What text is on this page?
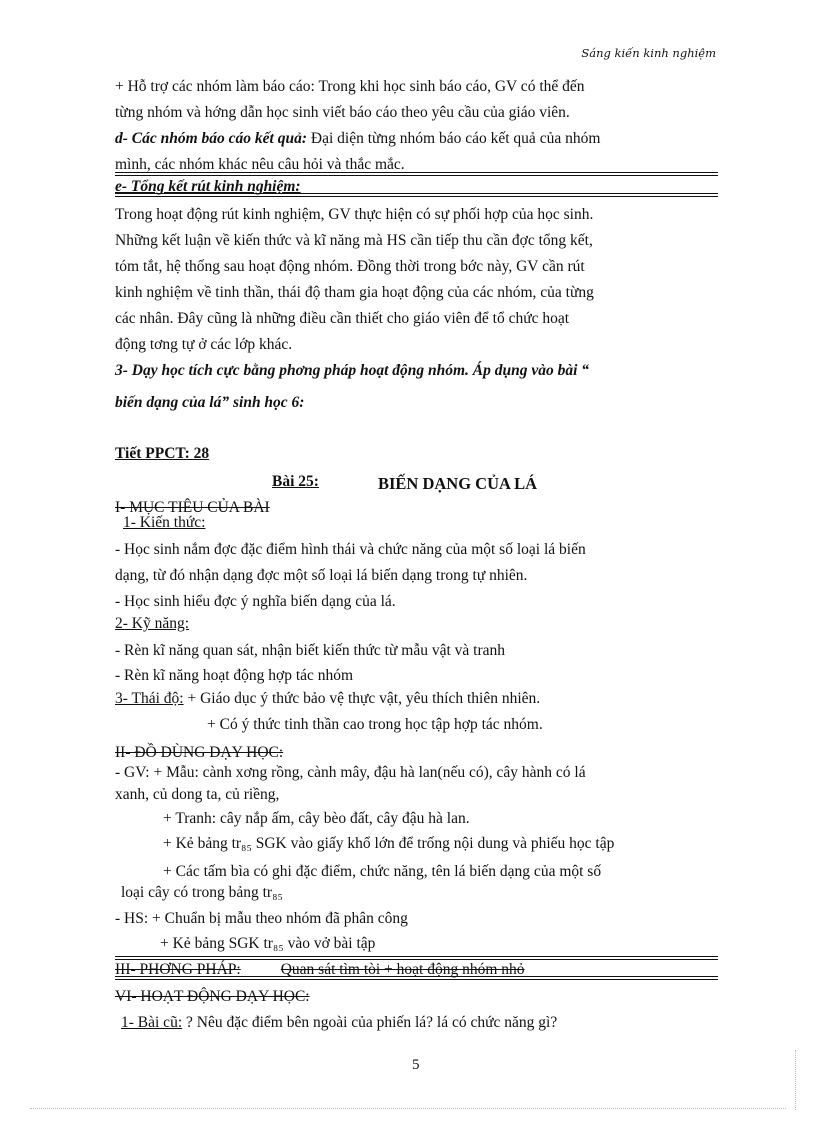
Sáng kiến kinh nghiệm
+ Hỗ trợ các nhóm làm báo cáo: Trong khi học sinh báo cáo, GV có thể đến
từng nhóm và hớng dẫn học sinh viết báo cáo theo yêu cầu của giáo viên.
d- Các nhóm báo cáo kết quả: Đại diện từng nhóm báo cáo kết quả của nhóm
mình, các nhóm khác nêu câu hỏi và thắc mắc.
e- Tổng kết rút kinh nghiệm:
Trong hoạt động rút kinh nghiệm, GV thực hiện có sự phối hợp của học sinh.
Những kết luận về kiến thức và kĩ năng mà HS cần tiếp thu cần đợc tổng kết,
tóm tắt, hệ thống sau hoạt động nhóm. Đồng thời trong bớc này, GV cần rút
kinh nghiệm về tinh thần, thái độ tham gia hoạt động của các nhóm, của từng
các nhân. Đây cũng là những điều cần thiết cho giáo viên để tổ chức hoạt
động tơng tự ở các lớp khác.
3- Dạy học tích cực bằng phơng pháp hoạt động nhóm. Áp dụng vào bài “
biến dạng của lá” sinh học 6:
Tiết PPCT: 28
Bài 25:	BIẾN DẠNG CỦA LÁ
I- MỤC TIÊU CỦA BÀI
1- Kiến thức:
- Học sinh nắm đợc đặc điểm hình thái và chức năng của một số loại lá biến
dạng, từ đó nhận dạng đợc một số loại lá biến dạng trong tự nhiên.
- Học sinh hiểu đợc ý nghĩa biến dạng của lá.
2- Kỹ năng:
- Rèn kĩ năng quan sát, nhận biết kiến thức từ mẫu vật và tranh
- Rèn kĩ năng hoạt động hợp tác nhóm
3- Thái độ: + Giáo dục ý thức bảo vệ thực vật, yêu thích thiên nhiên.
+ Có ý thức tinh thần cao trong học tập hợp tác nhóm.
II- ĐỒ DÙNG DẠY HỌC:
- GV: + Mẫu: cành xơng rồng, cành mây, đậu hà lan(nếu có), cây hành có lá
xanh, củ dong ta, củ riềng,
+ Tranh: cây nắp ấm, cây bèo đất, cây đậu hà lan.
+ Kẻ bảng tr₈₅ SGK vào giấy khổ lớn để trống nội dung và phiếu học tập
+ Các tấm bìa có ghi đặc điểm, chức năng, tên lá biến dạng của một số
loại cây có trong bảng tr₈₅
- HS: + Chuẩn bị mẫu theo nhóm đã phân công
+ Kẻ bảng SGK tr₈₅ vào vở bài tập
III- PHƠNG PHÁP:	Quan sát tìm tòi + hoạt động nhóm nhỏ
VI- HOẠT ĐỘNG DẠY HỌC:
1- Bài cũ: ? Nêu đặc điểm bên ngoài của phiến lá? lá có chức năng gì?
5
